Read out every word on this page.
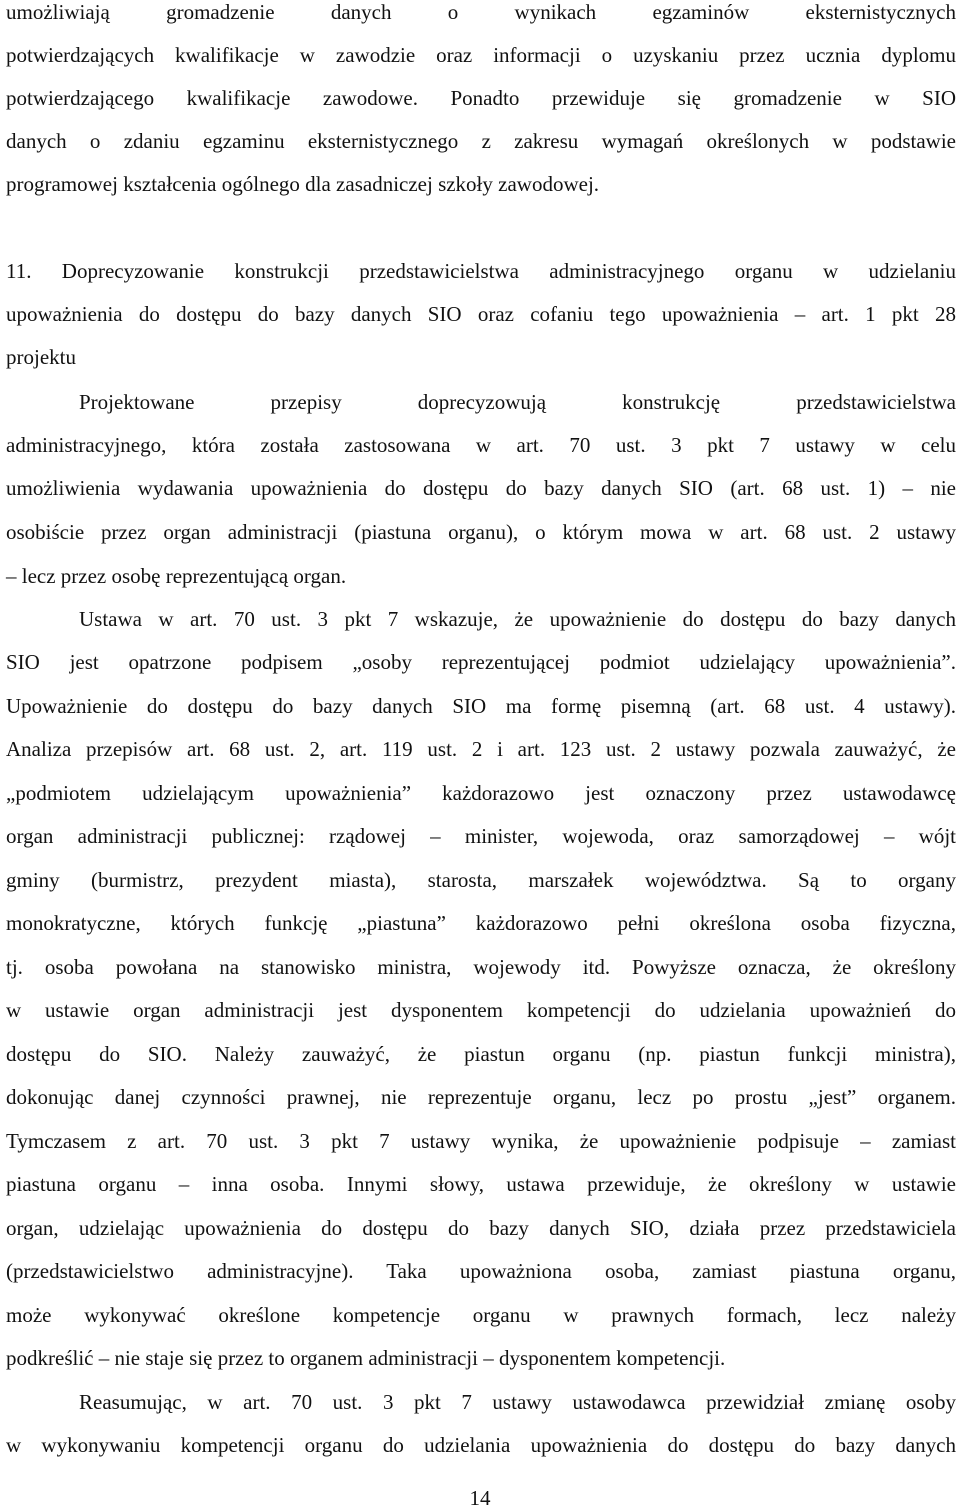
umożliwiają gromadzenie danych o wynikach egzaminów eksternistycznych
potwierdzających kwalifikacje w zawodzie oraz informacji o uzyskaniu przez ucznia dyplomu
potwierdzającego kwalifikacje zawodowe. Ponadto przewiduje się gromadzenie w SIO
danych o zdaniu egzaminu eksternistycznego z zakresu wymagań określonych w podstawie
programowej kształcenia ogólnego dla zasadniczej szkoły zawodowej.
11. Doprecyzowanie konstrukcji przedstawicielstwa administracyjnego organu w udzielaniu
upoważnienia do dostępu do bazy danych SIO oraz cofaniu tego upoważnienia – art. 1 pkt 28
projektu
Projektowane przepisy doprecyzowują konstrukcję przedstawicielstwa
administracyjnego, która została zastosowana w art. 70 ust. 3 pkt 7 ustawy w celu
umożliwienia wydawania upoważnienia do dostępu do bazy danych SIO (art. 68 ust. 1) – nie
osobiście przez organ administracji (piastuna organu), o którym mowa w art. 68 ust. 2 ustawy
– lecz przez osobę reprezentującą organ.
Ustawa w art. 70 ust. 3 pkt 7 wskazuje, że upoważnienie do dostępu do bazy danych
SIO jest opatrzone podpisem „osoby reprezentującej podmiot udzielający upoważnienia”.
Upoważnienie do dostępu do bazy danych SIO ma formę pisemną (art. 68 ust. 4 ustawy).
Analiza przepisów art. 68 ust. 2, art. 119 ust. 2 i art. 123 ust. 2 ustawy pozwala zauważyć, że
„podmiotem udzielającym upoważnienia” każdorazowo jest oznaczony przez ustawodawcę
organ administracji publicznej: rządowej – minister, wojewoda, oraz samorządowej – wójt
gminy (burmistrz, prezydent miasta), starosta, marszałek województwa. Są to organy
monokratyczne, których funkcję „piastuna” każdorazowo pełni określona osoba fizyczna,
tj. osoba powołana na stanowisko ministra, wojewody itd. Powyższe oznacza, że określony
w ustawie organ administracji jest dysponentem kompetencji do udzielania upoważnień do
dostępu do SIO. Należy zauważyć, że piastun organu (np. piastun funkcji ministra),
dokonując danej czynności prawnej, nie reprezentuje organu, lecz po prostu „jest” organem.
Tymczasem z art. 70 ust. 3 pkt 7 ustawy wynika, że upoważnienie podpisuje – zamiast
piastuna organu – inna osoba. Innymi słowy, ustawa przewiduje, że określony w ustawie
organ, udzielając upoważnienia do dostępu do bazy danych SIO, działa przez przedstawiciela
(przedstawicielstwo administracyjne). Taka upoważniona osoba, zamiast piastuna organu,
może wykonywać określone kompetencje organu w prawnych formach, lecz należy
podkreślić – nie staje się przez to organem administracji – dysponentem kompetencji.
Reasumując, w art. 70 ust. 3 pkt 7 ustawy ustawodawca przewidział zmianę osoby
w wykonywaniu kompetencji organu do udzielania upoważnienia do dostępu do bazy danych
14
